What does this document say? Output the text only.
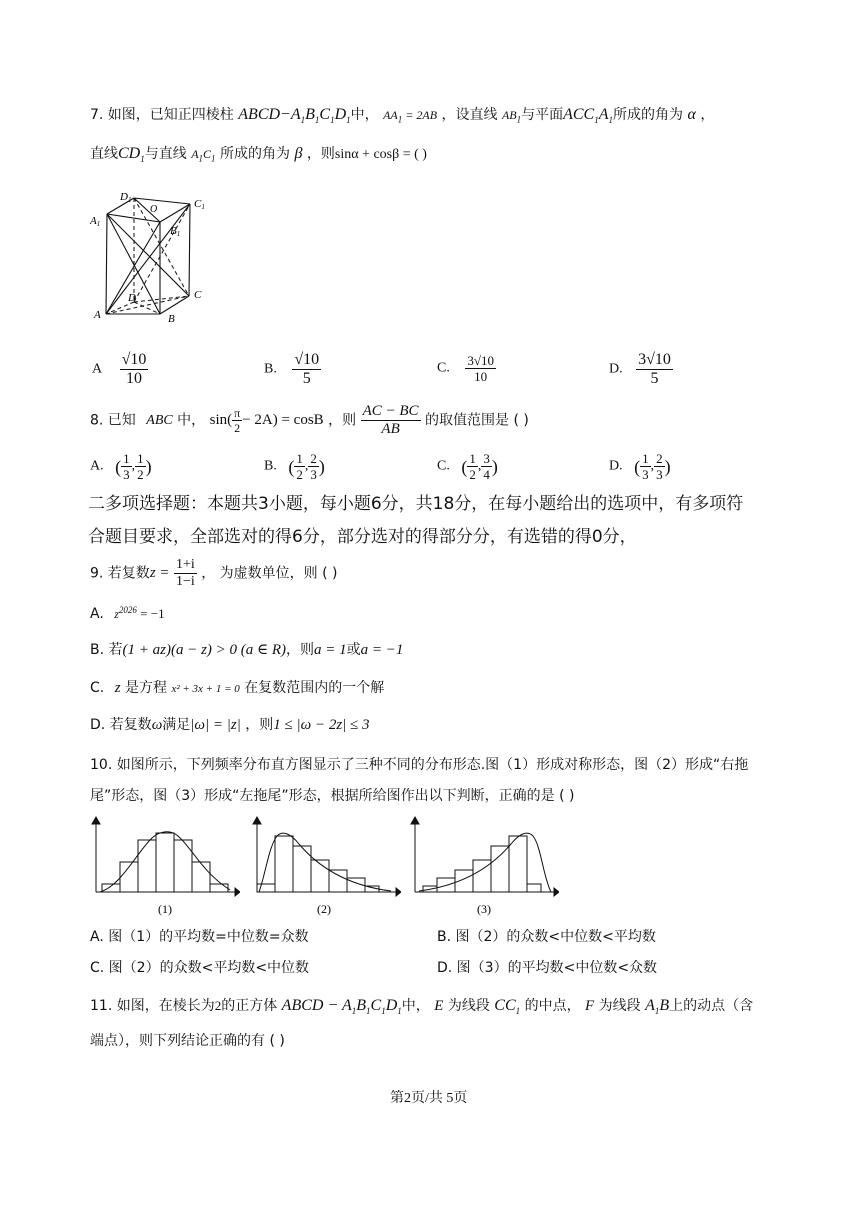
7. 如图，已知正四棱柱 $ABCD-A_1B_1C_1D_1$中， $AA_1 = 2AB$ ，设直线 $AB_1$与平面$ACC_1A_1$所成的角为 α ，
直线$CD_1$与直线 $A_1C_1$ 所成的角为 β ，则sinα + cosβ = ( )
D1	C1
A1
B1
O
D	C
A	B
A $\frac{√10}{10}$	B. $\frac{√10}{5}$	C. $\frac{3√10}{10}$	D. $\frac{3√10}{5}$
8. 已知 ABC 中， $\sin( \frac{\pi}{2} - 2A) = \cos B$ ，则 $\frac{AC - BC}{AB}$ 的取值范围是 ( )
A. ( $\frac{1}{3}$ , $\frac{1}{2}$ )	B. ( $\frac{1}{2}$ , $\frac{2}{3}$ )	C. ( $\frac{1}{2}$ , $\frac{3}{4}$ )	D. ( $\frac{1}{3}$ , $\frac{2}{3}$ )
二多项选择题：本题共3小题，每小题6分，共18分，在每小题给出的选项中，有多项符
合题目要求，全部选对的得6分，部分选对的得部分分，有选错的得0分，
9. 若复数$z = \frac{1+i}{1-i}$ ， 为虚数单位，则 ( )
A. $z^{2026} = -1$
B. 若(1 + az)(a − z) > 0 (a ∈ R)，则a = 1或a = −1
C. z 是方程 x² + 3x + 1 = 0 在复数范围内的一个解
D. 若复数ω满足|ω| = |z| ，则1 ≤ |ω − 2z| ≤ 3
10. 如图所示，下列频率分布直方图显示了三种不同的分布形态.图（1）形成对称形态，图（2）形成“右拖
尾”形态，图（3）形成“左拖尾”形态，根据所给图作出以下判断，正确的是 ( )
(1)	(2)	(3)
A. 图（1）的平均数=中位数=众数	B. 图（2）的众数<中位数<平均数
C. 图（2）的众数<平均数<中位数	D. 图（3）的平均数<中位数<众数
11. 如图，在棱长为2的正方体 ABCD − $A_1B_1C_1D_1$中， E 为线段 $CC_1$ 的中点， F 为线段 $A_1B$上的动点（含
端点），则下列结论正确的有 ( )
第2页/共 5页
